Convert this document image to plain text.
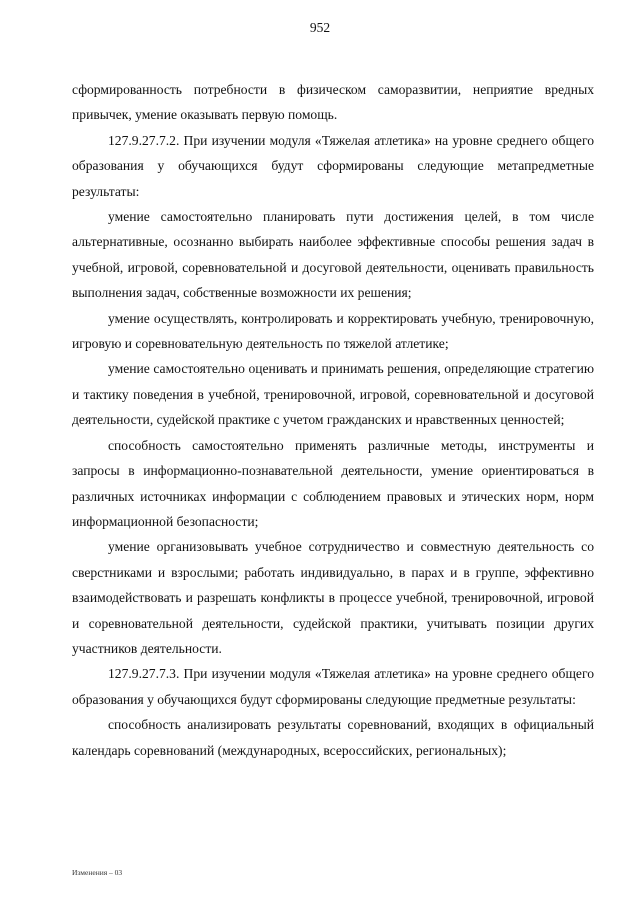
952

сформированность потребности в физическом саморазвитии, неприятие вредных привычек, умение оказывать первую помощь.

127.9.27.7.2. При изучении модуля «Тяжелая атлетика» на уровне среднего общего образования у обучающихся будут сформированы следующие метапредметные результаты:

умение самостоятельно планировать пути достижения целей, в том числе альтернативные, осознанно выбирать наиболее эффективные способы решения задач в учебной, игровой, соревновательной и досуговой деятельности, оценивать правильность выполнения задач, собственные возможности их решения;

умение осуществлять, контролировать и корректировать учебную, тренировочную, игровую и соревновательную деятельность по тяжелой атлетике;

умение самостоятельно оценивать и принимать решения, определяющие стратегию и тактику поведения в учебной, тренировочной, игровой, соревновательной и досуговой деятельности, судейской практике с учетом гражданских и нравственных ценностей;

способность самостоятельно применять различные методы, инструменты и запросы в информационно-познавательной деятельности, умение ориентироваться в различных источниках информации с соблюдением правовых и этических норм, норм информационной безопасности;

умение организовывать учебное сотрудничество и совместную деятельность со сверстниками и взрослыми; работать индивидуально, в парах и в группе, эффективно взаимодействовать и разрешать конфликты в процессе учебной, тренировочной, игровой и соревновательной деятельности, судейской практики, учитывать позиции других участников деятельности.

127.9.27.7.3. При изучении модуля «Тяжелая атлетика» на уровне среднего общего образования у обучающихся будут сформированы следующие предметные результаты:

способность анализировать результаты соревнований, входящих в официальный календарь соревнований (международных, всероссийских, региональных);

Изменения – 03
